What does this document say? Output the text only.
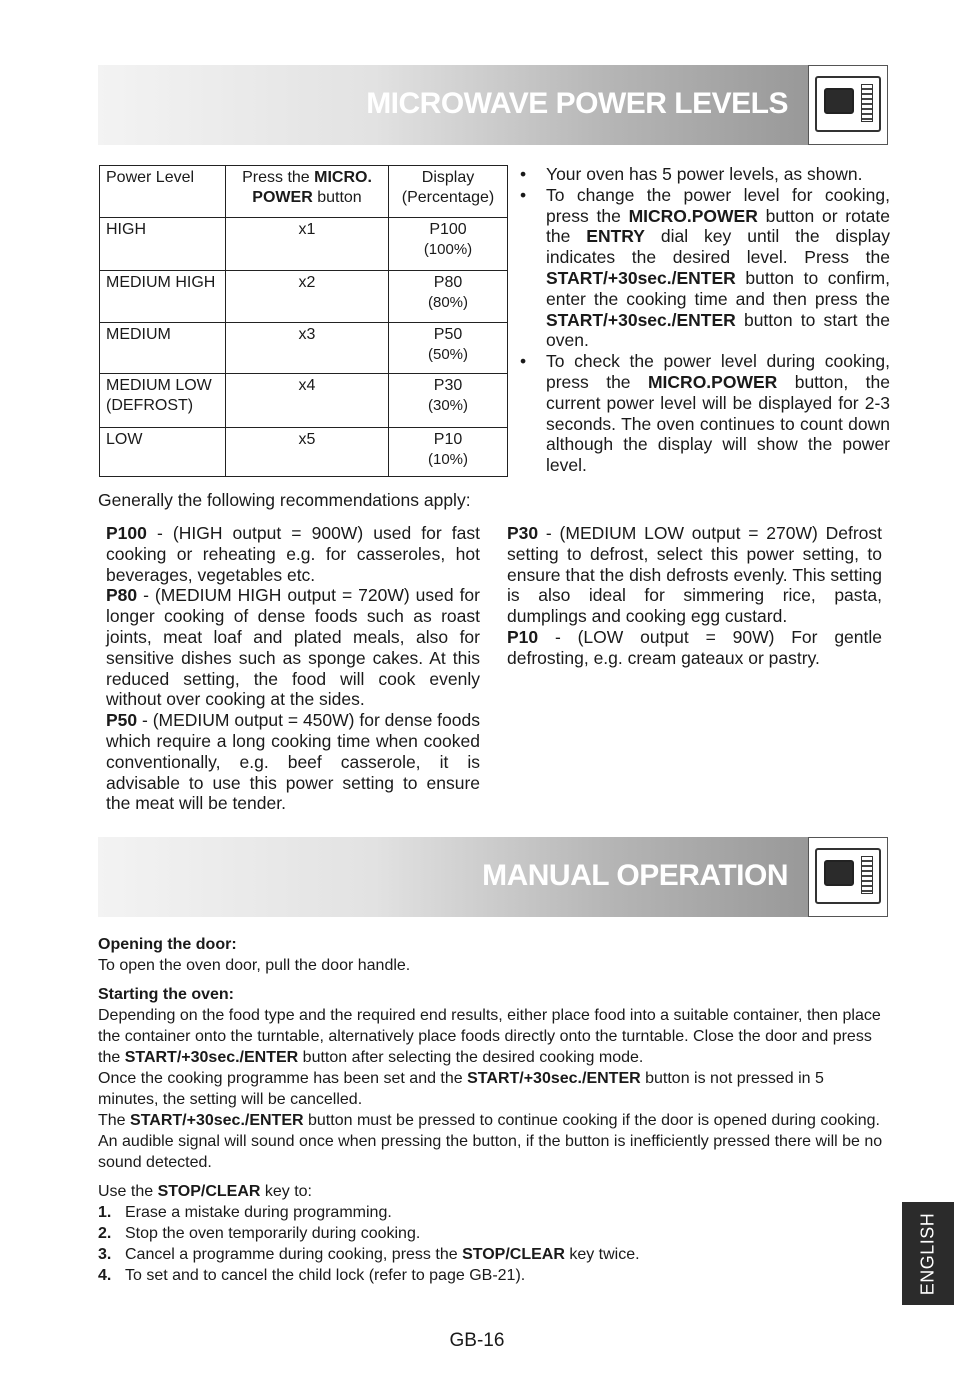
MICROWAVE POWER LEVELS
Power Level	Press the MICRO. POWER button	Display
(Percentage)
HIGH	x1	P100
(100%)
MEDIUM HIGH	x2	P80
(80%)
MEDIUM	x3	P50
(50%)
MEDIUM LOW (DEFROST)	x4	P30
(30%)
LOW	x5	P10
(10%)
• Your oven has 5 power levels, as shown.
• To change the power level for cooking, press the MICRO.POWER button or rotate the ENTRY dial key until the display indicates the desired level. Press the START/+30sec./ENTER button to confirm, enter the cooking time and then press the START/+30sec./ENTER button to start the oven.
• To check the power level during cooking, press the MICRO.POWER button, the current power level will be displayed for 2-3 seconds. The oven continues to count down although the display will show the power level.
Generally the following recommendations apply:

P100 - (HIGH output = 900W) used for fast cooking or reheating e.g. for casseroles, hot beverages, vegetables etc.

P80 - (MEDIUM HIGH output = 720W) used for longer cooking of dense foods such as roast joints, meat loaf and plated meals, also for sensitive dishes such as sponge cakes. At this reduced setting, the food will cook evenly without over cooking at the sides.

P50 - (MEDIUM output = 450W) for dense foods which require a long cooking time when cooked conventionally, e.g. beef casserole, it is advisable to use this power setting to ensure the meat will be tender.

P30 - (MEDIUM LOW output = 270W) Defrost setting to defrost, select this power setting, to ensure that the dish defrosts evenly. This setting is also ideal for simmering rice, pasta, dumplings and cooking egg custard.

P10 - (LOW output = 90W) For gentle defrosting, e.g. cream gateaux or pastry.

MANUAL OPERATION
Opening the door:

To open the oven door, pull the door handle.

Starting the oven:

Depending on the food type and the required end results, either place food into a suitable container, then place the container onto the turntable, alternatively place foods directly onto the turntable. Close the door and press the START/+30sec./ENTER button after selecting the desired cooking mode.

Once the cooking programme has been set and the START/+30sec./ENTER button is not pressed in 5 minutes, the setting will be cancelled.

The START/+30sec./ENTER button must be pressed to continue cooking if the door is opened during cooking. An audible signal will sound once when pressing the button, if the button is inefficiently pressed there will be no sound detected.

Use the STOP/CLEAR key to:

1. Erase a mistake during programming.
2. Stop the oven temporarily during cooking.
3. Cancel a programme during cooking, press the STOP/CLEAR key twice.
4. To set and to cancel the child lock (refer to page GB-21).	ENGLISH
GB-16
